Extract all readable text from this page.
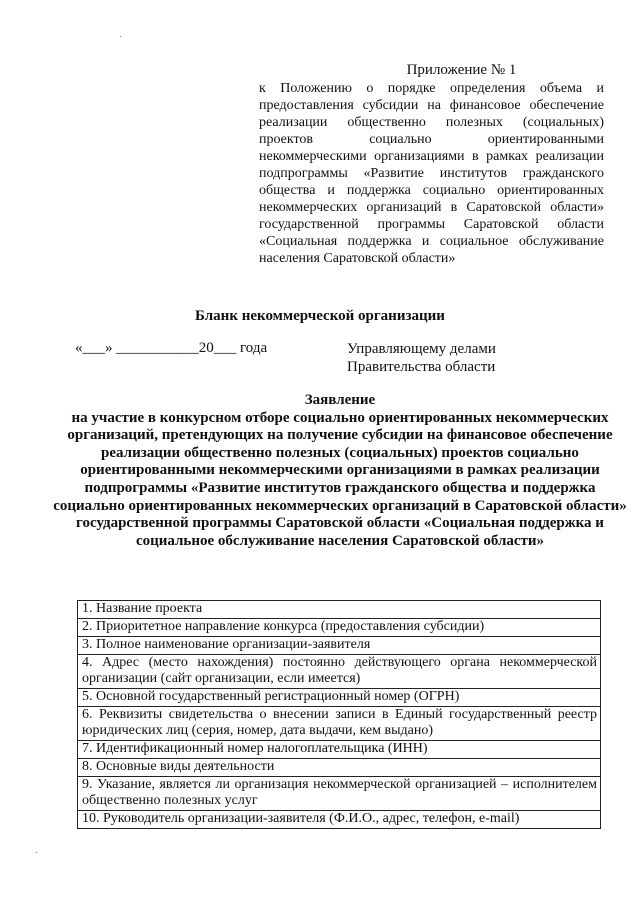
Приложение № 1
к Положению о порядке определения объема и предоставления субсидии на финансовое обеспечение реализации общественно полезных (социальных) проектов социально ориентированными некоммерческими организациями в рамках реализации подпрограммы «Развитие институтов гражданского общества и поддержка социально ориентированных некоммерческих организаций в Саратовской области» государственной программы Саратовской области «Социальная поддержка и социальное обслуживание населения Саратовской области»
Бланк некоммерческой организации
«___» ___________20___ года	Управляющему делами
Правительства области
Заявление
на участие в конкурсном отборе социально ориентированных некоммерческих организаций, претендующих на получение субсидии на финансовое обеспечение реализации общественно полезных (социальных) проектов социально ориентированными некоммерческими организациями в рамках реализации подпрограммы «Развитие институтов гражданского общества и поддержка социально ориентированных некоммерческих организаций в Саратовской области» государственной программы Саратовской области «Социальная поддержка и социальное обслуживание населения Саратовской области»
1. Название проекта
2. Приоритетное направление конкурса (предоставления субсидии)
3. Полное наименование организации-заявителя
4. Адрес (место нахождения) постоянно действующего органа некоммерческой организации (сайт организации, если имеется)
5. Основной государственный регистрационный номер (ОГРН)
6. Реквизиты свидетельства о внесении записи в Единый государственный реестр юридических лиц (серия, номер, дата выдачи, кем выдано)
7. Идентификационный номер налогоплательщика (ИНН)
8. Основные виды деятельности
9. Указание, является ли организация некоммерческой организацией – исполнителем общественно полезных услуг
10. Руководитель организации-заявителя (Ф.И.О., адрес, телефон, e-mail)
